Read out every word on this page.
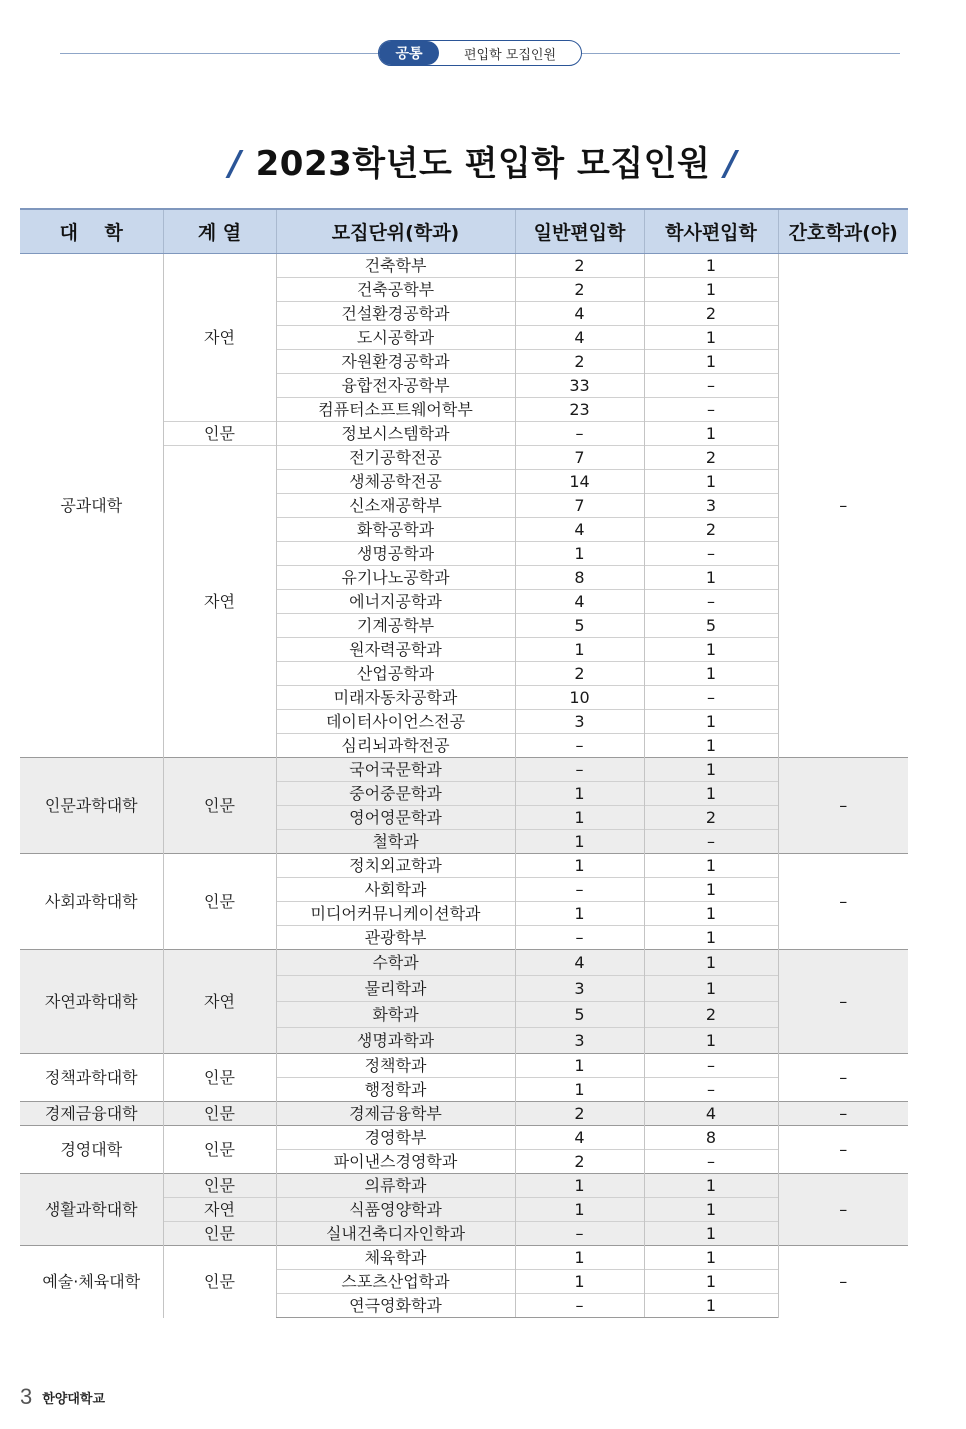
공통	편입학 모집인원
/ 2023학년도 편입학 모집인원 /
대    학	계 열	모집단위(학과)	일반편입학	학사편입학	간호학과(야)
공과대학	자연	건축학부	2	1	–
		건축공학부	2	1	
		건설환경공학과	4	2	
		도시공학과	4	1	
		자원환경공학과	2	1	
		융합전자공학부	33	–	
		컴퓨터소프트웨어학부	23	–	
	인문	정보시스템학과	–	1	
	자연	전기공학전공	7	2	
		생체공학전공	14	1	
		신소재공학부	7	3	
		화학공학과	4	2	
		생명공학과	1	–	
		유기나노공학과	8	1	
		에너지공학과	4	–	
		기계공학부	5	5	
		원자력공학과	1	1	
		산업공학과	2	1	
		미래자동차공학과	10	–	
		데이터사이언스전공	3	1	
		심리뇌과학전공	–	1	
인문과학대학	인문	국어국문학과	–	1	–
		중어중문학과	1	1	
		영어영문학과	1	2	
		철학과	1	–	
사회과학대학	인문	정치외교학과	1	1	–
		사회학과	–	1	
		미디어커뮤니케이션학과	1	1	
		관광학부	–	1	
자연과학대학	자연	수학과	4	1	–
		물리학과	3	1	
		화학과	5	2	
		생명과학과	3	1	
정책과학대학	인문	정책학과	1	–	–
		행정학과	1	–	
경제금융대학	인문	경제금융학부	2	4	–
경영대학	인문	경영학부	4	8	–
		파이낸스경영학과	2	–	
생활과학대학	인문	의류학과	1	1	–
	자연	식품영양학과	1	1	
	인문	실내건축디자인학과	–	1	
예술·체육대학	인문	체육학과	1	1	–
		스포츠산업학과	1	1	
		연극영화학과	–	1	
3 한양대학교
